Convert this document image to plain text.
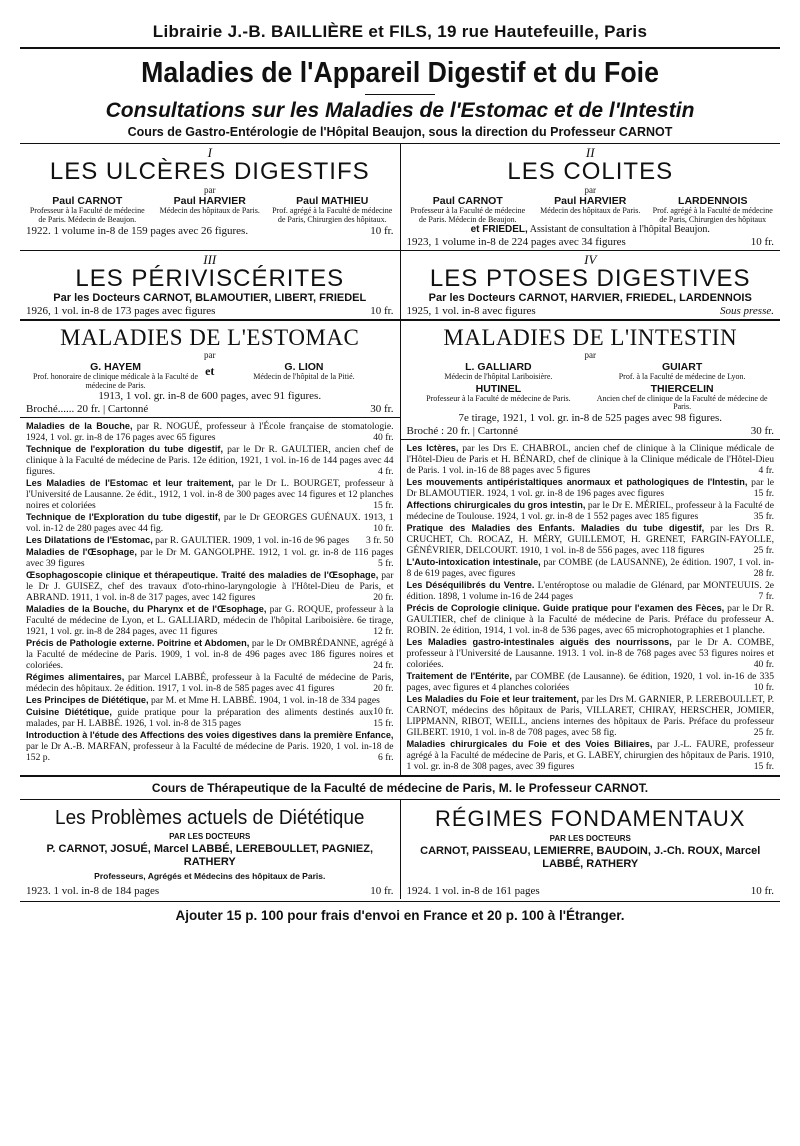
Librairie J.-B. BAILLIÈRE et FILS, 19 rue Hautefeuille, Paris
Maladies de l'Appareil Digestif et du Foie
Consultations sur les Maladies de l'Estomac et de l'Intestin
Cours de Gastro-Entérologie de l'Hôpital Beaujon, sous la direction du Professeur CARNOT
I
LES ULCÈRES DIGESTIFS
par
Paul CARNOT
Professeur à la Faculté de médecine de Paris. Médecin de Beaujon.
Paul HARVIER
Médecin des hôpitaux de Paris.
Paul MATHIEU
Prof. agrégé à la Faculté de médecine de Paris, Chirurgien des hôpitaux.
1922. 1 volume in-8 de 159 pages avec 26 figures.	10 fr.
II
LES COLITES
par
Paul CARNOT
Professeur à la Faculté de médecine de Paris. Médecin de Beaujon.
Paul HARVIER
Médecin des hôpitaux de Paris.
LARDENNOIS
Prof. agrégé à la Faculté de médecine de Paris, Chirurgien des hôpitaux
et FRIEDEL, Assistant de consultation à l'hôpital Beaujon.
1923, 1 volume in-8 de 224 pages avec 34 figures	10 fr.
III
LES PÉRIVISCÉRITES
Par les Docteurs CARNOT, BLAMOUTIER, LIBERT, FRIEDEL
1926, 1 vol. in-8 de 173 pages avec figures	10 fr.
IV
LES PTOSES DIGESTIVES
Par les Docteurs CARNOT, HARVIER, FRIEDEL, LARDENNOIS
1925, 1 vol. in-8 avec figures	Sous presse.
MALADIES DE L'ESTOMAC
par
G. HAYEM
Prof. honoraire de clinique médicale à la Faculté de médecine de Paris.
et	G. LION
Médecin de l'hôpital de la Pitié.
1913, 1 vol. gr. in-8 de 600 pages, avec 91 figures.
Broché...... 20 fr. | Cartonné	30 fr.
Maladies de la Bouche, par R. NOGUÉ, professeur à l'École française de stomatologie. 1924, 1 vol. gr. in-8 de 176 pages avec 65 figures	40 fr.
Technique de l'exploration du tube digestif, par le Dr R. GAULTIER, ancien chef de clinique à la Faculté de médecine de Paris. 12e édition, 1921, 1 vol. in-16 de 144 pages avec 44 figures.	4 fr.
Les Maladies de l'Estomac et leur traitement, par le Dr L. BOURGET, professeur à l'Université de Lausanne. 2e édit., 1912, 1 vol. in-8 de 300 pages avec 14 figures et 12 planches noires et coloriées	15 fr.
Technique de l'Exploration du tube digestif, par le Dr GEORGES GUÉNAUX. 1913, 1 vol. in-12 de 280 pages avec 44 fig.	10 fr.
Les Dilatations de l'Estomac, par R. GAULTIER. 1909, 1 vol. in-16 de 96 pages 3 fr. 50
Maladies de l'Œsophage, par le Dr M. GANGOLPHE. 1912, 1 vol. gr. in-8 de 116 pages avec 39 figures	5 fr.
Œsophagoscopie clinique et thérapeutique. Traité des maladies de l'Œsophage, par le Dr J. GUISEZ, chef des travaux d'oto-rhino-laryngologie à l'Hôtel-Dieu de Paris, et ABRAND. 1911, 1 vol. in-8 de 317 pages, avec 142 figures	20 fr.
Maladies de la Bouche, du Pharynx et de l'Œsophage, par G. ROQUE, professeur à la Faculté de médecine de Lyon, et L. GALLIARD, médecin de l'hôpital Lariboisière. 6e tirage, 1921, 1 vol. gr. in-8 de 284 pages, avec 11 figures	12 fr.
Précis de Pathologie externe. Poitrine et Abdomen, par le Dr OMBRÉDANNE, agrégé à la Faculté de médecine de Paris. 1909, 1 vol. in-8 de 496 pages avec 186 figures noires et coloriées.	24 fr.
Régimes alimentaires, par Marcel LABBÉ, professeur à la Faculté de médecine de Paris, médecin des hôpitaux. 2e édition. 1917, 1 vol. in-8 de 585 pages avec 41 figures	20 fr.
Les Principes de Diététique, par M. et Mme H. LABBÉ. 1904, 1 vol. in-18 de 334 pages
10 fr.
Cuisine Diététique, guide pratique pour la préparation des aliments destinés aux malades, par H. LABBÉ. 1926, 1 vol. in-8 de 315 pages	15 fr.
Introduction à l'étude des Affections des voies digestives dans la première Enfance, par le Dr A.-B. MARFAN, professeur à la Faculté de médecine de Paris. 1920, 1 vol. in-18 de 152 p.	6 fr.
MALADIES DE L'INTESTIN
par
L. GALLIARD
Médecin de l'hôpital Lariboisière.
GUIART
Prof. à la Faculté de médecine de Lyon.
HUTINEL
Professeur à la Faculté de médecine de Paris.
THIERCELIN
Ancien chef de clinique de la Faculté de médecine de Paris.
7e tirage, 1921, 1 vol. gr. in-8 de 525 pages avec 98 figures.
Broché : 20 fr. | Cartonné	30 fr.
Les Ictères, par les Drs E. CHABROL, ancien chef de clinique à la Clinique médicale de l'Hôtel-Dieu de Paris et H. BÉNARD, chef de clinique à la Clinique médicale de l'Hôtel-Dieu de Paris. 1 vol. in-16 de 88 pages avec 5 figures	4 fr.
Les mouvements antipéristaltiques anormaux et pathologiques de l'Intestin, par le Dr BLAMOUTIER. 1924, 1 vol. gr. in-8 de 196 pages avec figures	15 fr.
Affections chirurgicales du gros intestin, par le Dr E. MÉRIEL, professeur à la Faculté de médecine de Toulouse. 1924, 1 vol. gr. in-8 de 1 552 pages avec 185 figures	35 fr.
Pratique des Maladies des Enfants. Maladies du tube digestif, par les Drs R. CRUCHET, Ch. ROCAZ, H. MÉRY, GUILLEMOT, H. GRENET, FARGIN-FAYOLLE, GÉNÉVRIER, DELCOURT. 1910, 1 vol. in-8 de 556 pages, avec 118 figures	25 fr.
L'Auto-intoxication intestinale, par COMBE (de LAUSANNE), 2e édition. 1907, 1 vol. in-8 de 619 pages, avec figures	28 fr.
Les Déséquilibrés du Ventre. L'entéroptose ou maladie de Glénard, par MONTEUUIS. 2e édition. 1898, 1 volume in-16 de 244 pages	7 fr.
Précis de Coprologie clinique. Guide pratique pour l'examen des Fèces, par le Dr R. GAULTIER, chef de clinique à la Faculté de médecine de Paris. Préface du professeur A. ROBIN. 2e édition, 1914, 1 vol. in-8 de 536 pages, avec 65 microphotographies et 1 planche.
Les Maladies gastro-intestinales aiguës des nourrissons, par le Dr A. COMBE, professeur à l'Université de Lausanne. 1913. 1 vol. in-8 de 768 pages avec 53 figures noires et coloriées.	40 fr.
Traitement de l'Entérite, par COMBE (de Lausanne). 6e édition, 1920, 1 vol. in-16 de 335 pages, avec figures et 4 planches coloriées	10 fr.
Les Maladies du Foie et leur traitement, par les Drs M. GARNIER, P. LEREBOULLET, P. CARNOT, médecins des hôpitaux de Paris, VILLARET, CHIRAY, HERSCHER, JOMIER, LIPPMANN, RIBOT, WEILL, anciens internes des hôpitaux de Paris. Préface du professeur GILBERT. 1910, 1 vol. in-8 de 708 pages, avec 58 fig.	25 fr.
Maladies chirurgicales du Foie et des Voies Biliaires, par J.-L. FAURE, professeur agrégé à la Faculté de médecine de Paris, et G. LABEY, chirurgien des hôpitaux de Paris. 1910, 1 vol. gr. in-8 de 308 pages, avec 39 figures	15 fr.
Cours de Thérapeutique de la Faculté de médecine de Paris, M. le Professeur CARNOT.
Les Problèmes actuels de Diététique
PAR LES DOCTEURS
P. CARNOT, JOSUÉ, Marcel LABBÉ, LEREBOULLET, PAGNIEZ, RATHERY
Professeurs, Agrégés et Médecins des hôpitaux de Paris.
1923. 1 vol. in-8 de 184 pages	10 fr.
RÉGIMES FONDAMENTAUX
PAR LES DOCTEURS
CARNOT, PAISSEAU, LEMIERRE, BAUDOIN, J.-Ch. ROUX, Marcel LABBÉ, RATHERY
1924. 1 vol. in-8 de 161 pages	10 fr.
Ajouter 15 p. 100 pour frais d'envoi en France et 20 p. 100 à l'Étranger.
